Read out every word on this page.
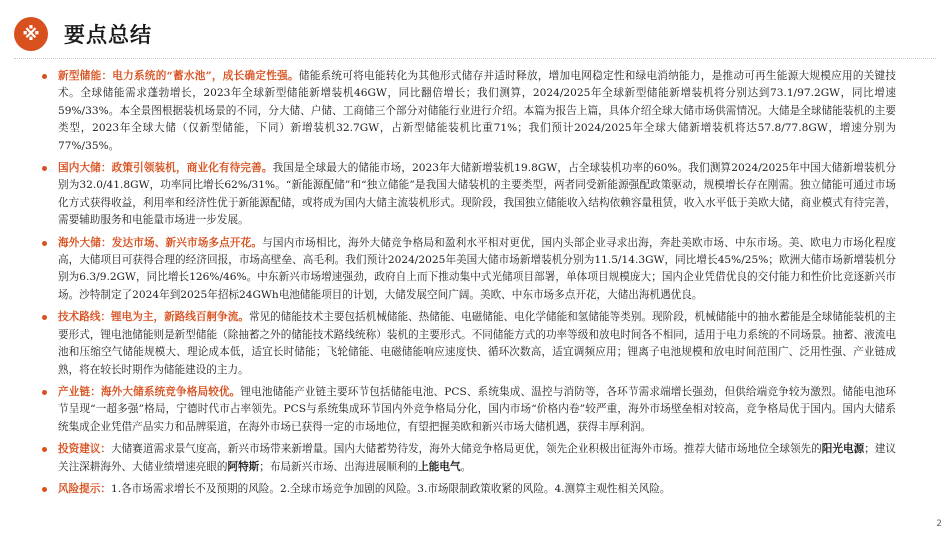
※ 要点总结

新型储能：电力系统的“蓄水池”，成长确定性强。储能系统可将电能转化为其他形式储存并适时释放，增加电网稳定性和绿电消纳能力，是推动可再生能源大规模应用的关键技术。全球储能需求蓬勃增长，2023年全球新型储能新增装机46GW，同比翻倍增长；我们测算，2024/2025年全球新型储能新增装机将分别达到73.1/97.2GW，同比增速59%/33%。本全景图根据装机场景的不同，分大储、户储、工商储三个部分对储能行业进行介绍。本篇为报告上篇，具体介绍全球大储市场供需情况。大储是全球储能装机的主要类型，2023年全球大储（仅新型储能，下同）新增装机32.7GW，占新型储能装机比重71%；我们预计2024/2025年全球大储新增装机将达57.8/77.8GW，增速分别为77%/35%。

国内大储：政策引领装机，商业化有待完善。我国是全球最大的储能市场，2023年大储新增装机19.8GW，占全球装机功率的60%。我们测算2024/2025年中国大储新增装机分别为32.0/41.8GW，功率同比增长62%/31%。“新能源配储”和“独立储能”是我国大储装机的主要类型，两者同受新能源强配政策驱动，规模增长存在刚需。独立储能可通过市场化方式获得收益，利用率和经济性优于新能源配储，或将成为国内大储主流装机形式。现阶段，我国独立储能收入结构依赖容量租赁，收入水平低于美欧大储，商业模式有待完善，需要辅助服务和电能量市场进一步发展。

海外大储：发达市场、新兴市场多点开花。与国内市场相比，海外大储竞争格局和盈利水平相对更优，国内头部企业寻求出海，奔赴美欧市场、中东市场。美、欧电力市场化程度高，大储项目可获得合理的经济回报，市场高壁垒、高毛利。我们预计2024/2025年美国大储市场新增装机分别为11.5/14.3GW，同比增长45%/25%；欧洲大储市场新增装机分别为6.3/9.2GW，同比增长126%/46%。中东新兴市场增速强劲，政府自上而下推动集中式光储项目部署，单体项目规模庞大；国内企业凭借优良的交付能力和性价比竞逐新兴市场。沙特制定了2024年到2025年招标24GWh电池储能项目的计划，大储发展空间广阔。美欧、中东市场多点开花，大储出海机遇优良。

技术路线：锂电为主，新路线百舸争流。常见的储能技术主要包括机械储能、热储能、电磁储能、电化学储能和氢储能等类别。现阶段，机械储能中的抽水蓄能是全球储能装机的主要形式，锂电池储能则是新型储能（除抽蓄之外的储能技术路线统称）装机的主要形式。不同储能方式的功率等级和放电时间各不相同，适用于电力系统的不同场景。抽蓄、液流电池和压缩空气储能规模大、理论成本低，适宜长时储能；飞轮储能、电磁储能响应速度快、循环次数高，适宜调频应用；锂离子电池规模和放电时间范围广、泛用性强、产业链成熟，将在较长时期作为储能建设的主力。

产业链：海外大储系统竞争格局较优。锂电池储能产业链主要环节包括储能电池、PCS、系统集成、温控与消防等，各环节需求端增长强劲，但供给端竞争较为激烈。储能电池环节呈现“一超多强”格局，宁德时代市占率领先。PCS与系统集成环节国内外竞争格局分化，国内市场“价格内卷”较严重，海外市场壁垒相对较高，竞争格局优于国内。国内大储系统集成企业凭借产品实力和品牌渠道，在海外市场已获得一定的市场地位，有望把握美欧和新兴市场大储机遇，获得丰厚利润。

投资建议：大储赛道需求景气度高，新兴市场带来新增量。国内大储蓄势待发，海外大储竞争格局更优，领先企业积极出征海外市场。推荐大储市场地位全球领先的阳光电源；建议关注深耕海外、大储业绩增速亮眼的阿特斯；布局新兴市场、出海进展顺利的上能电气。

风险提示：1.各市场需求增长不及预期的风险。2.全球市场竞争加剧的风险。3.市场限制政策收紧的风险。4.测算主观性相关风险。

2
